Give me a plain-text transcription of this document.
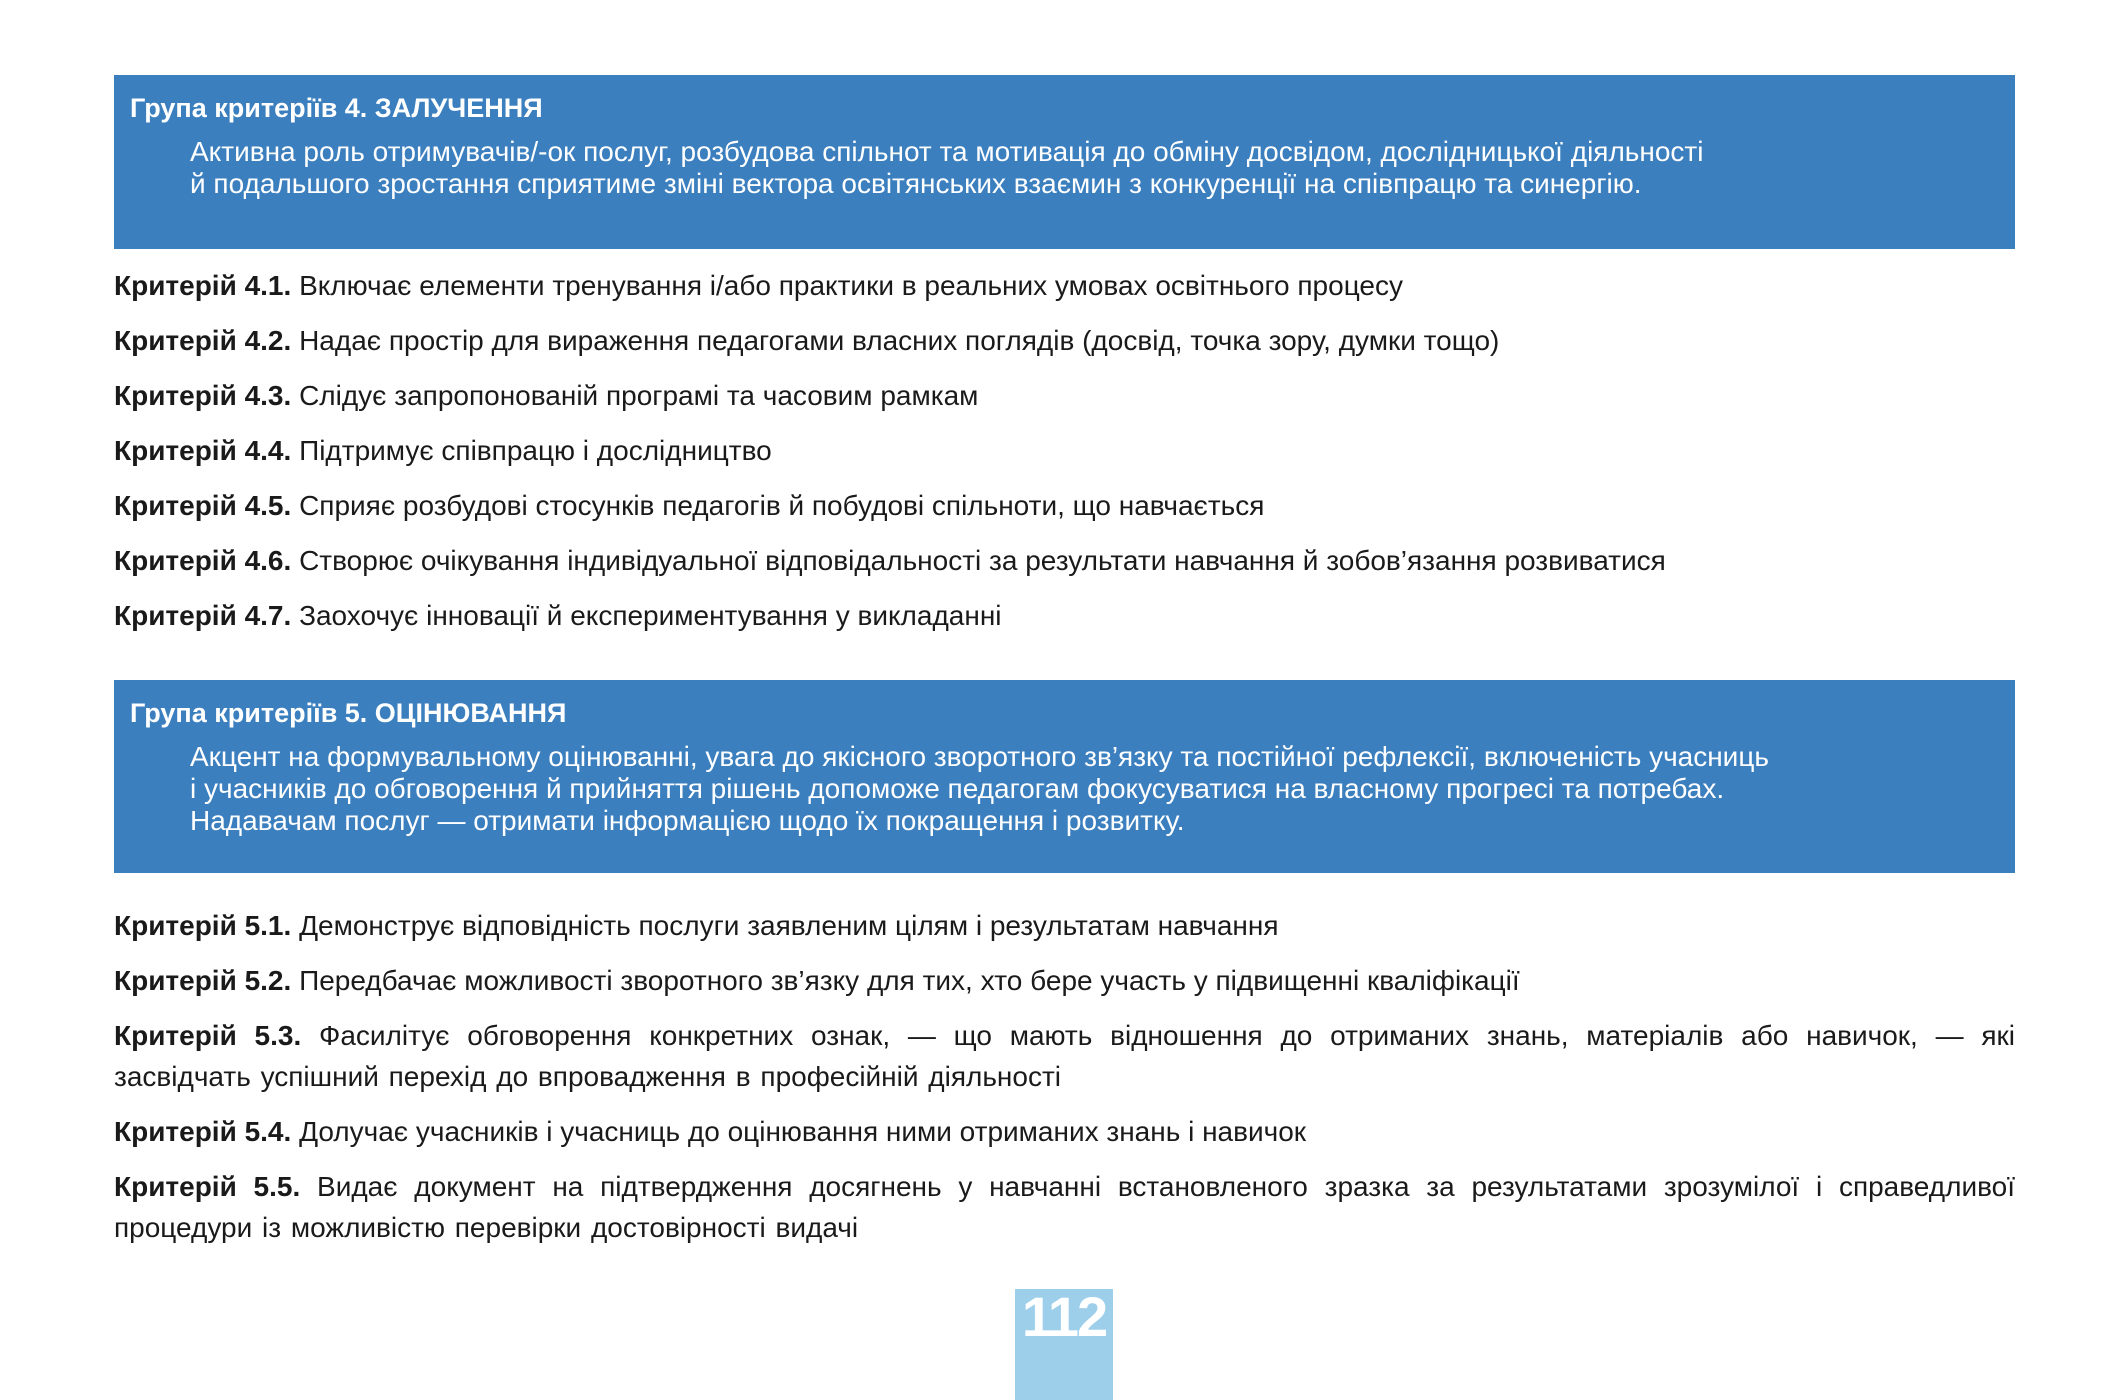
Група критеріїв 4. ЗАЛУЧЕННЯ
Активна роль отримувачів/-ок послуг, розбудова спільнот та мотивація до обміну досвідом, дослідницької діяльності
й подальшого зростання сприятиме зміні вектора освітянських взаємин з конкуренції на співпрацю та синергію.
Критерій 4.1. Включає елементи тренування і/або практики в реальних умовах освітнього процесу
Критерій 4.2. Надає простір для вираження педагогами власних поглядів (досвід, точка зору, думки тощо)
Критерій 4.3. Слідує запропонованій програмі та часовим рамкам
Критерій 4.4. Підтримує співпрацю і дослідництво
Критерій 4.5. Сприяє розбудові стосунків педагогів й побудові спільноти, що навчається
Критерій 4.6. Створює очікування індивідуальної відповідальності за результати навчання й зобов’язання розвиватися
Критерій 4.7. Заохочує інновації й експериментування у викладанні
Група критеріїв 5. ОЦІНЮВАННЯ
Акцент на формувальному оцінюванні, увага до якісного зворотного зв’язку та постійної рефлексії, включеність учасниць
і учасників до обговорення й прийняття рішень допоможе педагогам фокусуватися на власному прогресі та потребах.
Надавачам послуг — отримати інформацією щодо їх покращення і розвитку.
Критерій 5.1. Демонструє відповідність послуги заявленим цілям і результатам навчання
Критерій 5.2. Передбачає можливості зворотного зв’язку для тих, хто бере участь у підвищенні кваліфікації
Критерій 5.3. Фасилітує обговорення конкретних ознак, — що мають відношення до отриманих знань, матеріалів або навичок, — які засвідчать успішний перехід до впровадження в професійній діяльності
Критерій 5.4. Долучає учасників і учасниць до оцінювання ними отриманих знань і навичок
Критерій 5.5. Видає документ на підтвердження досягнень у навчанні встановленого зразка за результатами зрозумілої і справедливої процедури із можливістю перевірки достовірності видачі
112
